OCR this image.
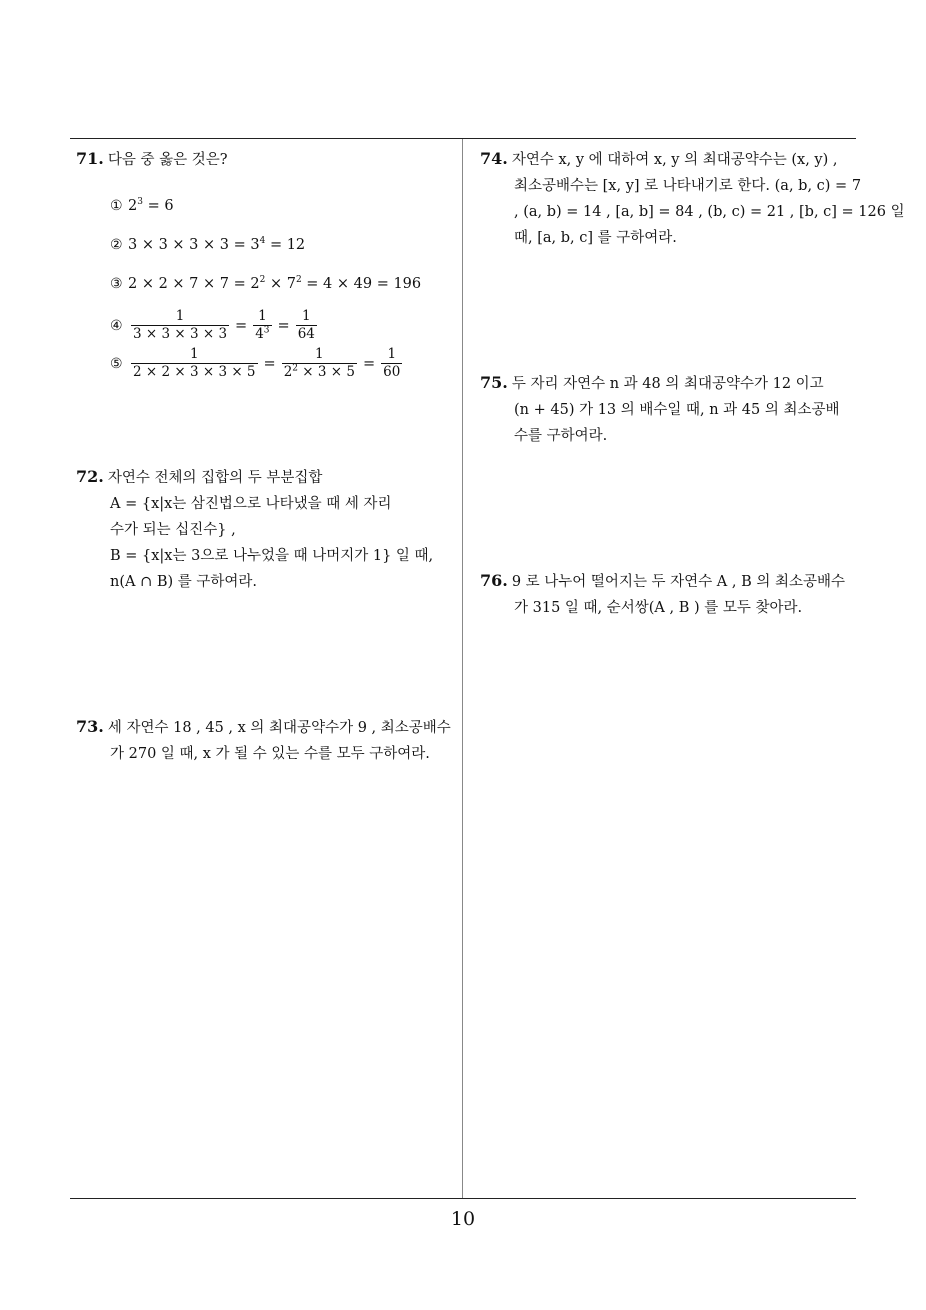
71. 다음 중 옳은 것은?
① $2^3 = 6$
② $3 \times 3 \times 3 \times 3 = 3^4 = 12$
③ $2 \times 2 \times 7 \times 7 = 2^2 \times 7^2 = 4 \times 49 = 196$
④ $\frac{1}{3 \times 3 \times 3 \times 3} = \frac{1}{4^3} = \frac{1}{64}$
⑤ $\frac{1}{2 \times 2 \times 3 \times 3 \times 5} = \frac{1}{2^2 \times 3 \times 5} = \frac{1}{60}$
72. 자연수 전체의 집합의 두 부분집합
A = {x|x는 삼진법으로 나타냈을 때 세 자리
수가 되는 십진수} ,
B = {x|x는 3으로 나누었을 때 나머지가 1} 일 때,
n(A ∩ B) 를 구하여라.
73. 세 자연수 18 , 45 , x 의 최대공약수가 9 , 최소공배수
가 270 일 때, x 가 될 수 있는 수를 모두 구하여라.
74. 자연수 x, y 에 대하여 x, y 의 최대공약수는 (x, y) ,
최소공배수는 [x, y] 로 나타내기로 한다. (a, b, c) = 7
, (a, b) = 14 , [a, b] = 84 , (b, c) = 21 , [b, c] = 126 일
때, [a, b, c] 를 구하여라.
75. 두 자리 자연수 n 과 48 의 최대공약수가 12 이고
(n + 45) 가 13 의 배수일 때, n 과 45 의 최소공배
수를 구하여라.
76. 9 로 나누어 떨어지는 두 자연수 A , B 의 최소공배수
가 315 일 때, 순서쌍(A , B ) 를 모두 찾아라.
10
